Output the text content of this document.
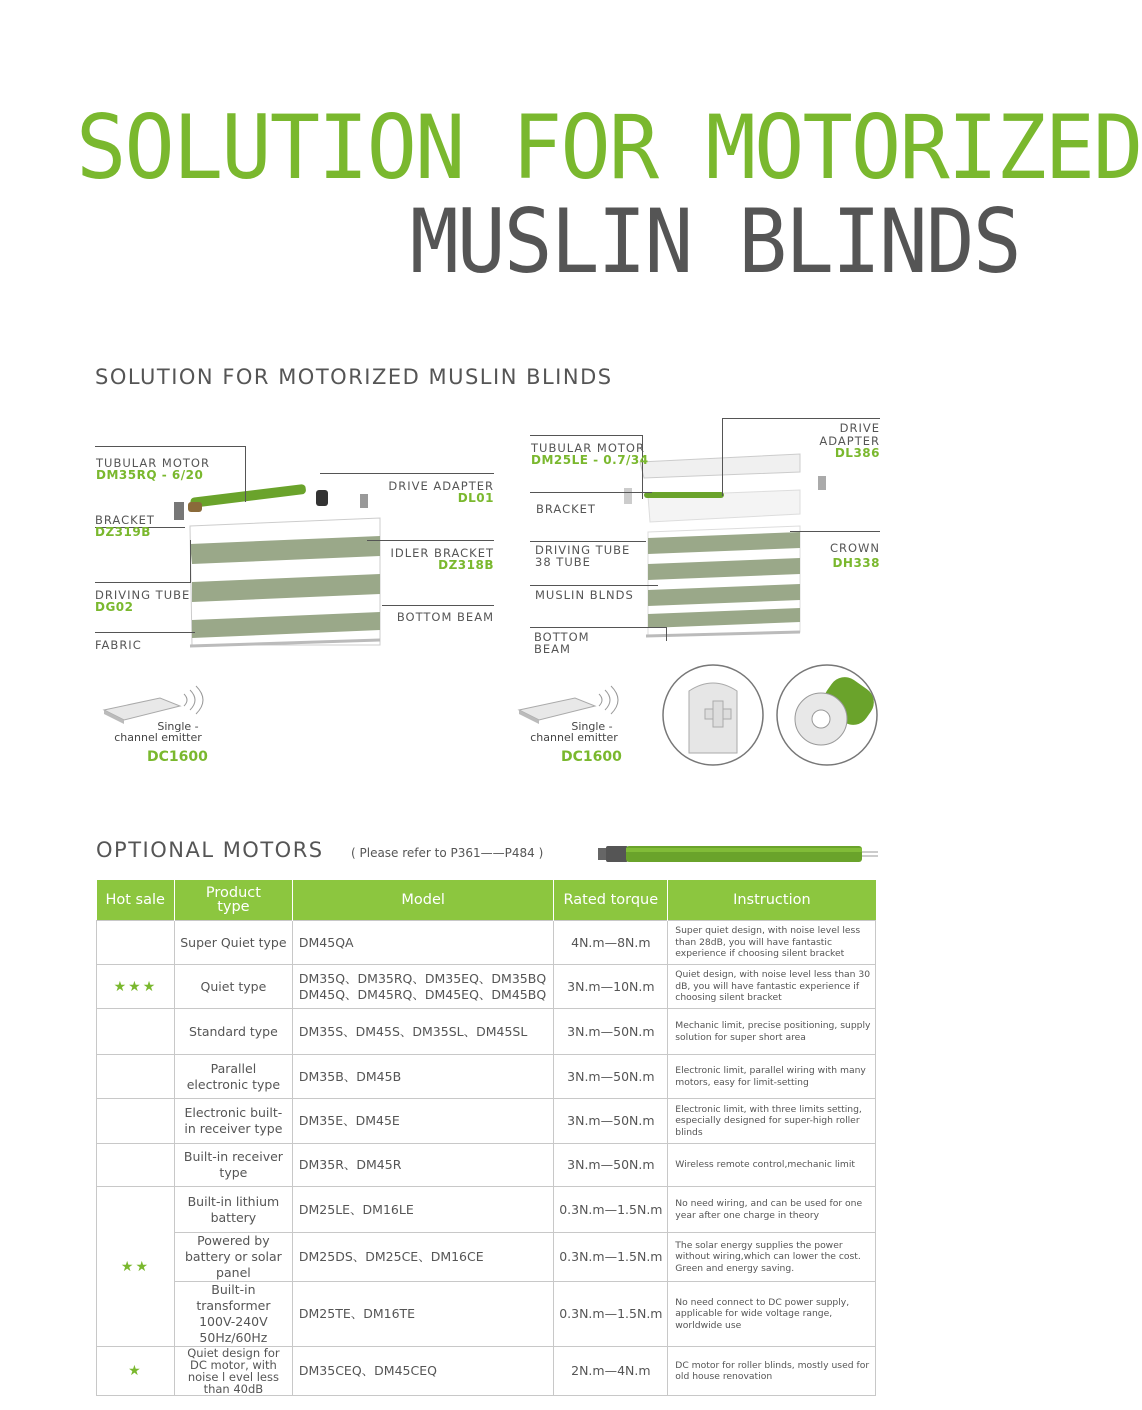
SOLUTION FOR MOTORIZED
MUSLIN BLINDS
SOLUTION FOR MOTORIZED MUSLIN BLINDS
TUBULAR MOTOR
DM35RQ - 6/20
BRACKET
DZ319B
DRIVING TUBE
DG02
FABRIC
DRIVE ADAPTER
DL01
IDLER BRACKET
DZ318B
BOTTOM BEAM
Single -
channel emitter
DC1600
TUBULAR MOTOR
DM25LE - 0.7/34
BRACKET
DRIVING TUBE
38 TUBE
MUSLIN BLNDS
BOTTOM
BEAM
DRIVE
ADAPTER
DL386
CROWN
DH338
Single -
channel emitter
DC1600
OPTIONAL MOTORS ( Please refer to P361——P484 )
Hot sale	Product type	Model	Rated torque	Instruction
	Super Quiet type	DM45QA	4N.m—8N.m	Super quiet design, with noise level less than 28dB, you will have fantastic experience if choosing silent bracket
★★★	Quiet type	DM35Q、DM35RQ、DM35EQ、DM35BQ DM45Q、DM45RQ、DM45EQ、DM45BQ	3N.m—10N.m	Quiet design, with noise level less than 30 dB, you will have fantastic experience if choosing silent bracket
	Standard type	DM35S、DM45S、DM35SL、DM45SL	3N.m—50N.m	Mechanic limit, precise positioning, supply solution for super short area
	Parallel electronic type	DM35B、DM45B	3N.m—50N.m	Electronic limit, parallel wiring with many motors, easy for limit-setting
	Electronic built-in receiver type	DM35E、DM45E	3N.m—50N.m	Electronic limit, with three limits setting, especially designed for super-high roller blinds
	Built-in receiver type	DM35R、DM45R	3N.m—50N.m	Wireless remote control,mechanic limit
★★	Built-in lithium battery	DM25LE、DM16LE	0.3N.m—1.5N.m	No need wiring, and can be used for one year after one charge in theory
	Powered by battery or solar panel	DM25DS、DM25CE、DM16CE	0.3N.m—1.5N.m	The solar energy supplies the power without wiring,which can lower the cost. Green and energy saving.
	Built-in transformer 100V-240V 50Hz/60Hz	DM25TE、DM16TE	0.3N.m—1.5N.m	No need connect to DC power supply, applicable for wide voltage range, worldwide use
★	Quiet design for DC motor, with noise l evel less than 40dB	DM35CEQ、DM45CEQ	2N.m—4N.m	DC motor for roller blinds, mostly used for old house renovation
